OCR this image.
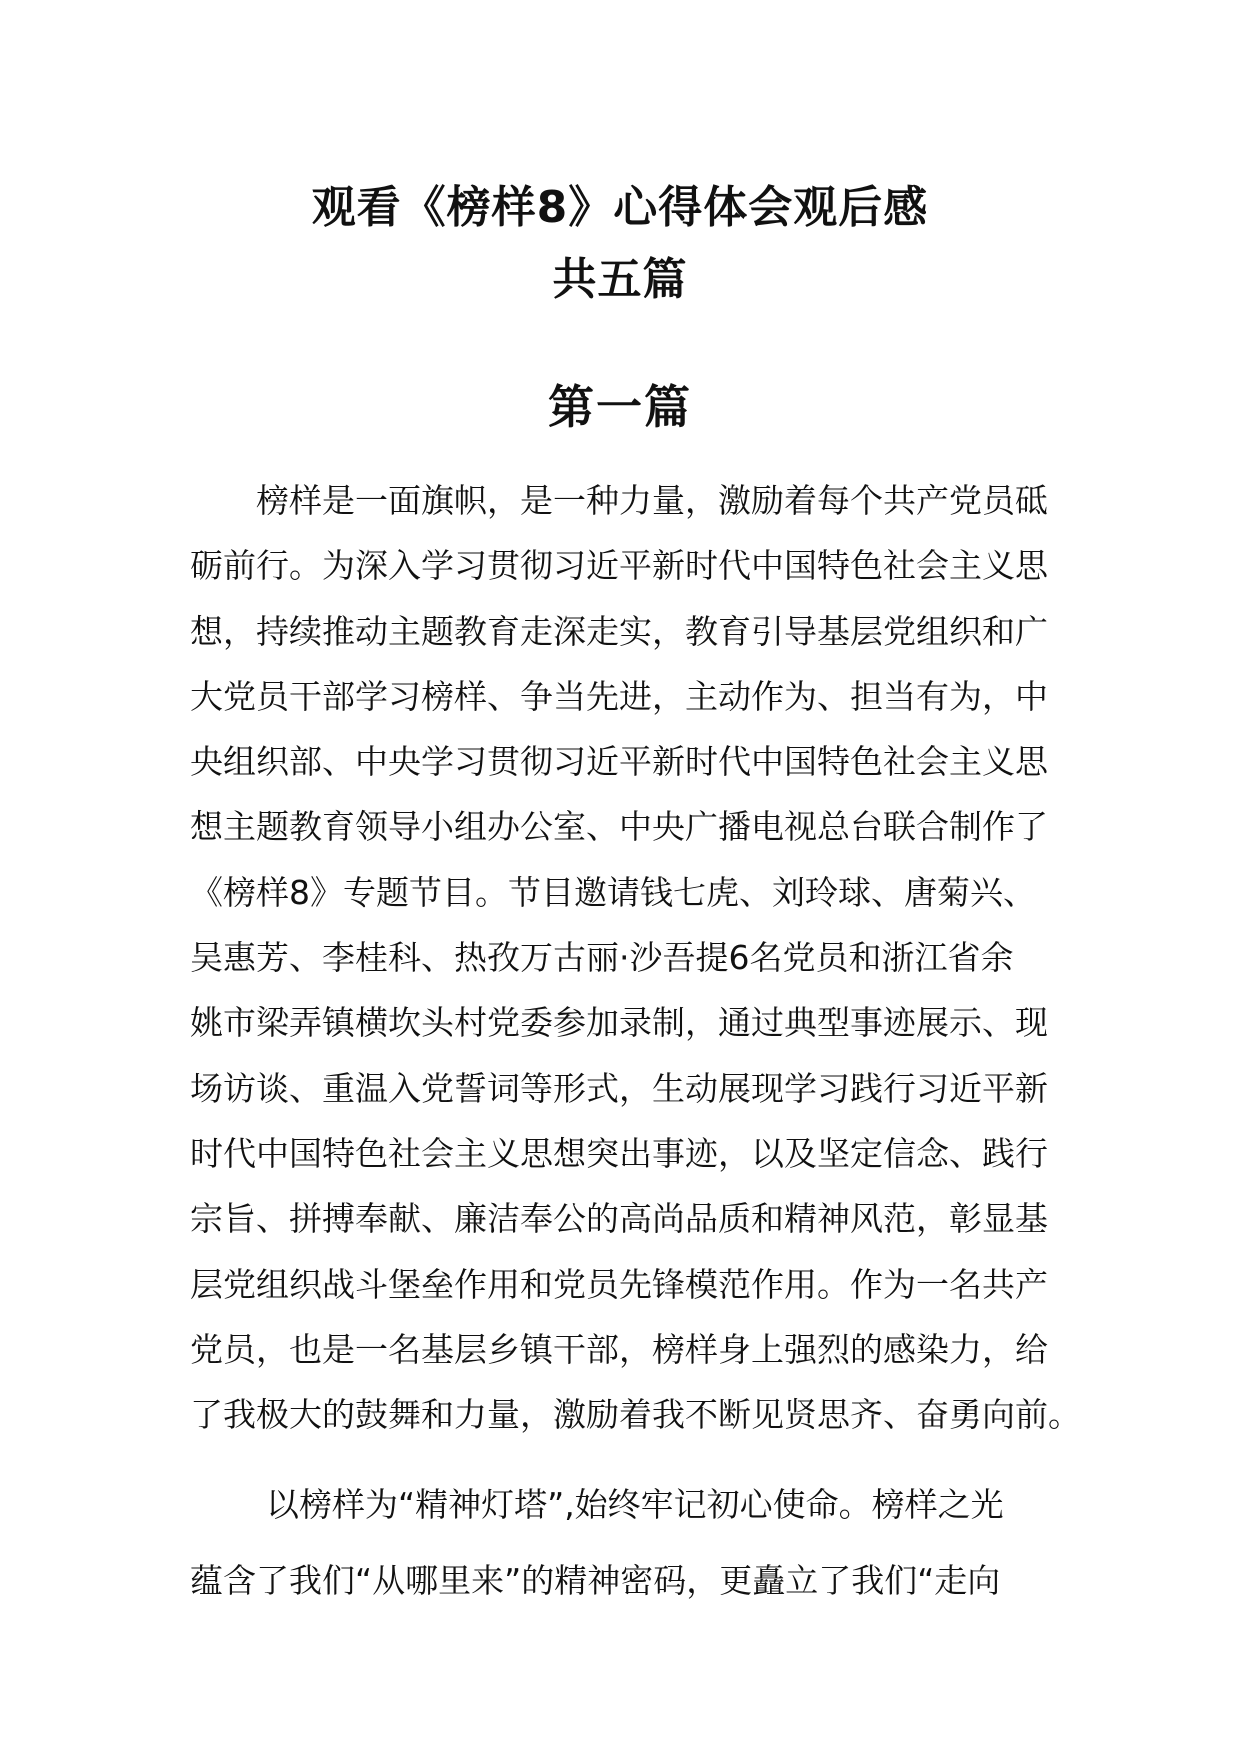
观看《榜样8》心得体会观后感
共五篇
第一篇
榜样是一面旗帜，是一种力量，激励着每个共产党员砥
砺前行。为深入学习贯彻习近平新时代中国特色社会主义思
想，持续推动主题教育走深走实，教育引导基层党组织和广
大党员干部学习榜样、争当先进，主动作为、担当有为，中
央组织部、中央学习贯彻习近平新时代中国特色社会主义思
想主题教育领导小组办公室、中央广播电视总台联合制作了
《榜样8》专题节目。节目邀请钱七虎、刘玲球、唐菊兴、
吴惠芳、李桂科、热孜万古丽·沙吾提6名党员和浙江省余
姚市梁弄镇横坎头村党委参加录制，通过典型事迹展示、现
场访谈、重温入党誓词等形式，生动展现学习践行习近平新
时代中国特色社会主义思想突出事迹，以及坚定信念、践行
宗旨、拼搏奉献、廉洁奉公的高尚品质和精神风范，彰显基
层党组织战斗堡垒作用和党员先锋模范作用。作为一名共产
党员，也是一名基层乡镇干部，榜样身上强烈的感染力，给
了我极大的鼓舞和力量，激励着我不断见贤思齐、奋勇向前。
以榜样为“精神灯塔”,始终牢记初心使命。榜样之光
蕴含了我们“从哪里来”的精神密码，更矗立了我们“走向
